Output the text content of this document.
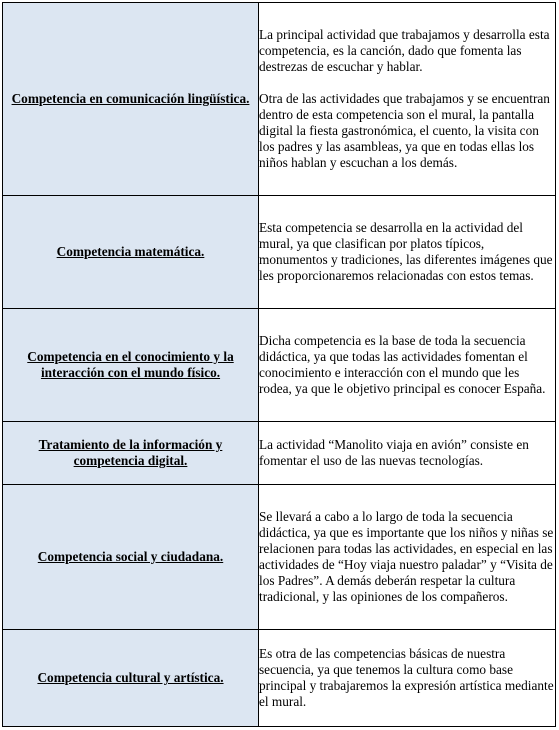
Competencia en comunicación lingüística.	La principal actividad que trabajamos y desarrolla esta competencia, es la canción, dado que fomenta las destrezas de escuchar y hablar.

Otra de las actividades que trabajamos y se encuentran dentro de esta competencia son el mural, la pantalla digital la fiesta gastronómica, el cuento, la visita con los padres y las asambleas, ya que en todas ellas los niños hablan y escuchan a los demás.

Competencia matemática.	Esta competencia se desarrolla en la actividad del mural, ya que clasifican por platos típicos, monumentos y tradiciones, las diferentes imágenes que les proporcionaremos relacionadas con estos temas.

Competencia en el conocimiento y la interacción con el mundo físico.	Dicha competencia es la base de toda la secuencia didáctica, ya que todas las actividades fomentan el conocimiento e interacción con el mundo que les rodea, ya que le objetivo principal es conocer España.

Tratamiento de la información y competencia digital.	La actividad “Manolito viaja en avión” consiste en fomentar el uso de las nuevas tecnologías.

Competencia social y ciudadana.	Se llevará a cabo a lo largo de toda la secuencia didáctica, ya que es importante que los niños y niñas se relacionen para todas las actividades, en especial en las actividades de “Hoy viaja nuestro paladar” y “Visita de los Padres”. A demás deberán respetar la cultura tradicional, y las opiniones de los compañeros.

Competencia cultural y artística.	Es otra de las competencias básicas de nuestra secuencia, ya que tenemos la cultura como base principal y trabajaremos la expresión artística mediante el mural.
